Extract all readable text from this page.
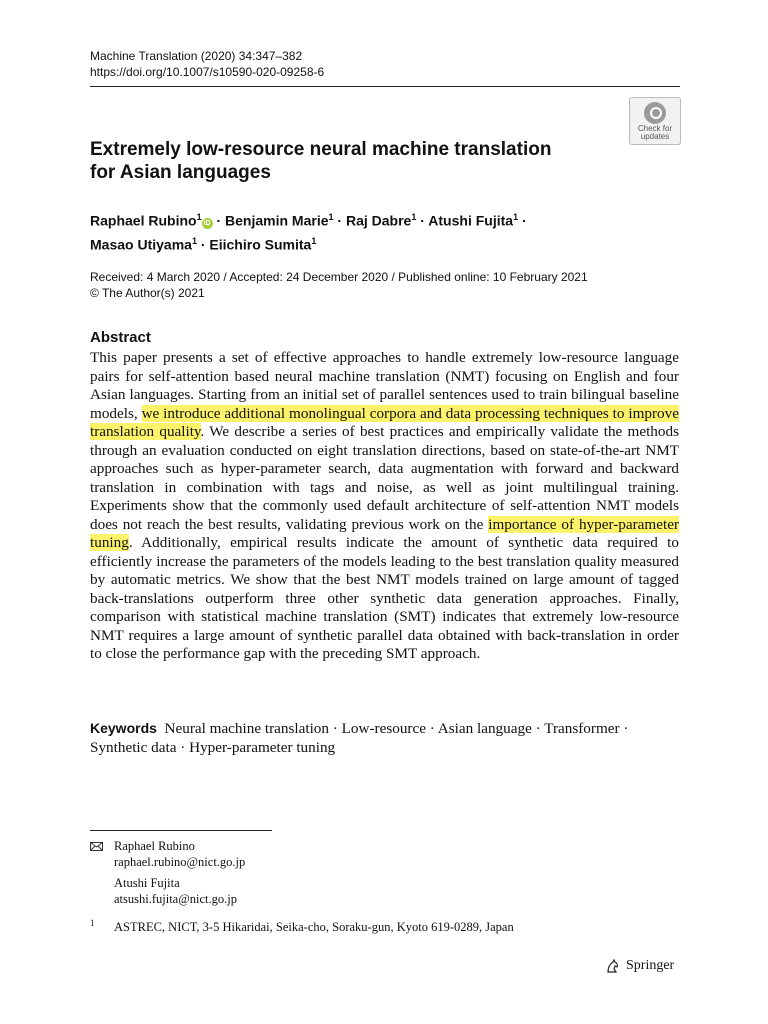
Machine Translation (2020) 34:347–382
https://doi.org/10.1007/s10590-020-09258-6
Check for
updates
Extremely low-resource neural machine translation
for Asian languages
Raphael Rubino$^1$iD · Benjamin Marie$^1$ · Raj Dabre$^1$ · Atushi Fujita$^1$ ·
Masao Utiyama$^1$ · Eiichiro Sumita$^1$
Received: 4 March 2020 / Accepted: 24 December 2020 / Published online: 10 February 2021
© The Author(s) 2021
Abstract
This paper presents a set of effective approaches to handle extremely low-resource language pairs for self-attention based neural machine translation (NMT) focusing on English and four Asian languages. Starting from an initial set of parallel sentences used to train bilingual baseline models, we introduce additional monolingual corpora and data processing techniques to improve translation quality. We describe a series of best practices and empirically validate the methods through an evaluation conducted on eight translation directions, based on state-of-the-art NMT approaches such as hyper-parameter search, data augmentation with forward and backward translation in combination with tags and noise, as well as joint multilingual training. Experiments show that the commonly used default architecture of self-attention NMT models does not reach the best results, validating previous work on the importance of hyper-parameter tuning. Additionally, empirical results indicate the amount of synthetic data required to efficiently increase the parameters of the models leading to the best translation quality measured by automatic metrics. We show that the best NMT models trained on large amount of tagged back-translations outperform three other synthetic data generation approaches. Finally, comparison with statistical machine translation (SMT) indicates that extremely low-resource NMT requires a large amount of synthetic parallel data obtained with back-translation in order to close the performance gap with the preceding SMT approach.
Keywords Neural machine translation · Low-resource · Asian language · Transformer · Synthetic data · Hyper-parameter tuning
Raphael Rubino
raphael.rubino@nict.go.jp
Atushi Fujita
atsushi.fujita@nict.go.jp
1 ASTREC, NICT, 3-5 Hikaridai, Seika-cho, Soraku-gun, Kyoto 619-0289, Japan
Springer
